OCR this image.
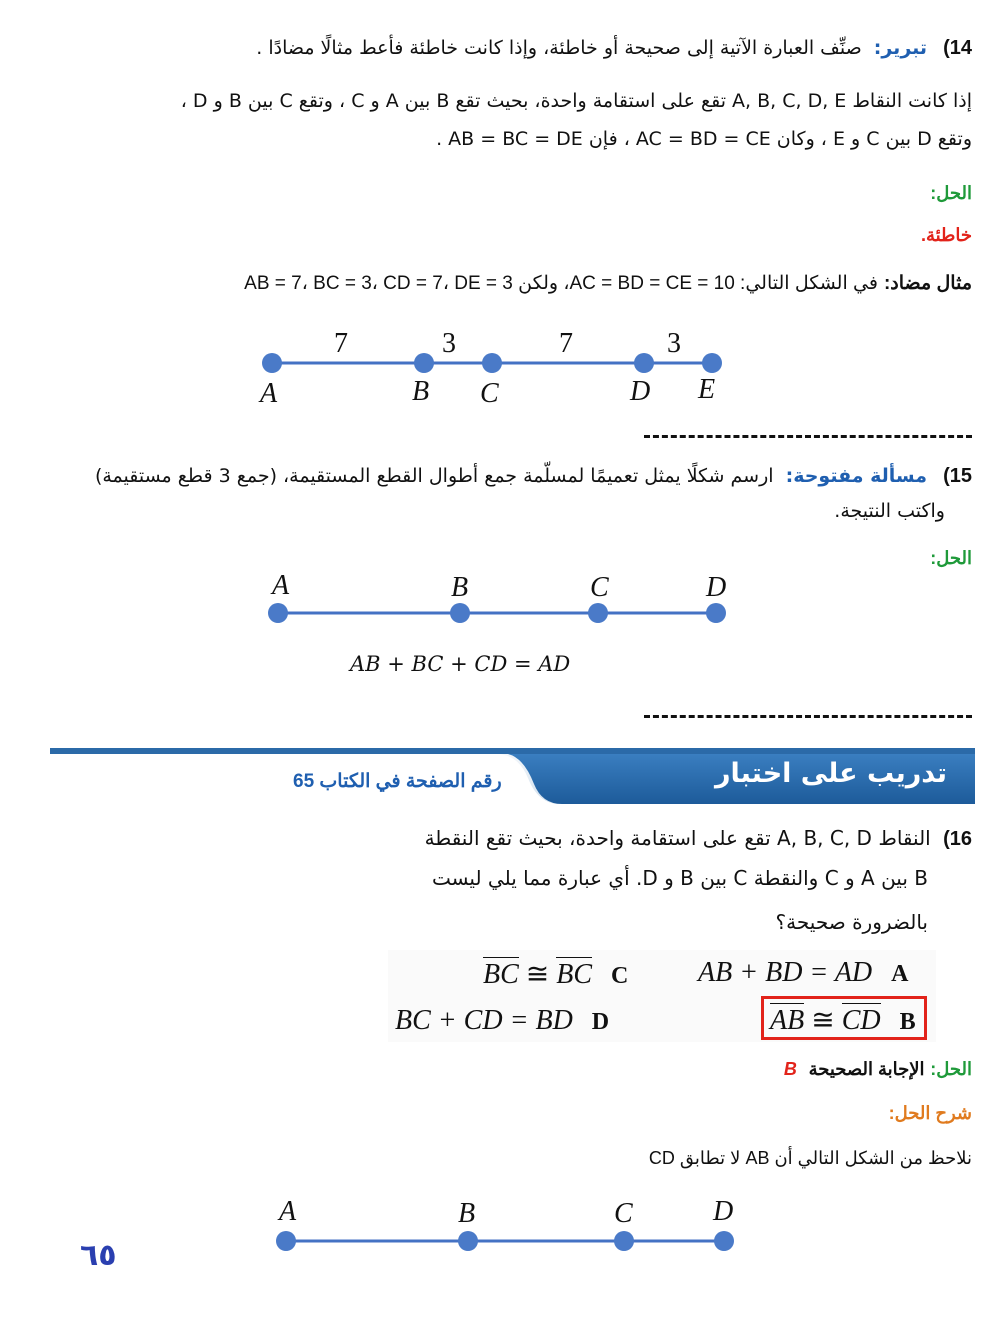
14) تبرير: صنِّف العبارة الآتية إلى صحيحة أو خاطئة، وإذا كانت خاطئة فأعط مثالًا مضادًا .
إذا كانت النقاط A, B, C, D, E تقع على استقامة واحدة، بحيث تقع B بين A و C ، وتقع C بين B و D ،
وتقع D بين C و E ، وكان AC = BD = CE ، فإن AB = BC = DE .
الحل:
خاطئة.
مثال مضاد: في الشكل التالي: AC = BD = CE = 10، ولكن AB = 7، BC = 3، CD = 7، DE = 3
7	3	7	3
A	B C	D E
15) مسألة مفتوحة: ارسم شكلًا يمثل تعميمًا لمسلّمة جمع أطوال القطع المستقيمة، (جمع 3 قطع مستقيمة)
واكتب النتيجة.
الحل:
A	B	C	D
AB + BC + CD = AD
تدريب على اختبار
رقم الصفحة في الكتاب 65
16) النقاط A, B, C, D تقع على استقامة واحدة، بحيث تقع النقطة
B بين A و C والنقطة C بين B و D. أي عبارة مما يلي ليست
بالضرورة صحيحة؟
AB + BD = AD A
BC ≅ BC C
AB ≅ CD B
BC + CD = BD D
الحل: الإجابة الصحيحة B
شرح الحل:
نلاحظ من الشكل التالي أن AB لا تطابق CD
A	B	C	D
٦٥
